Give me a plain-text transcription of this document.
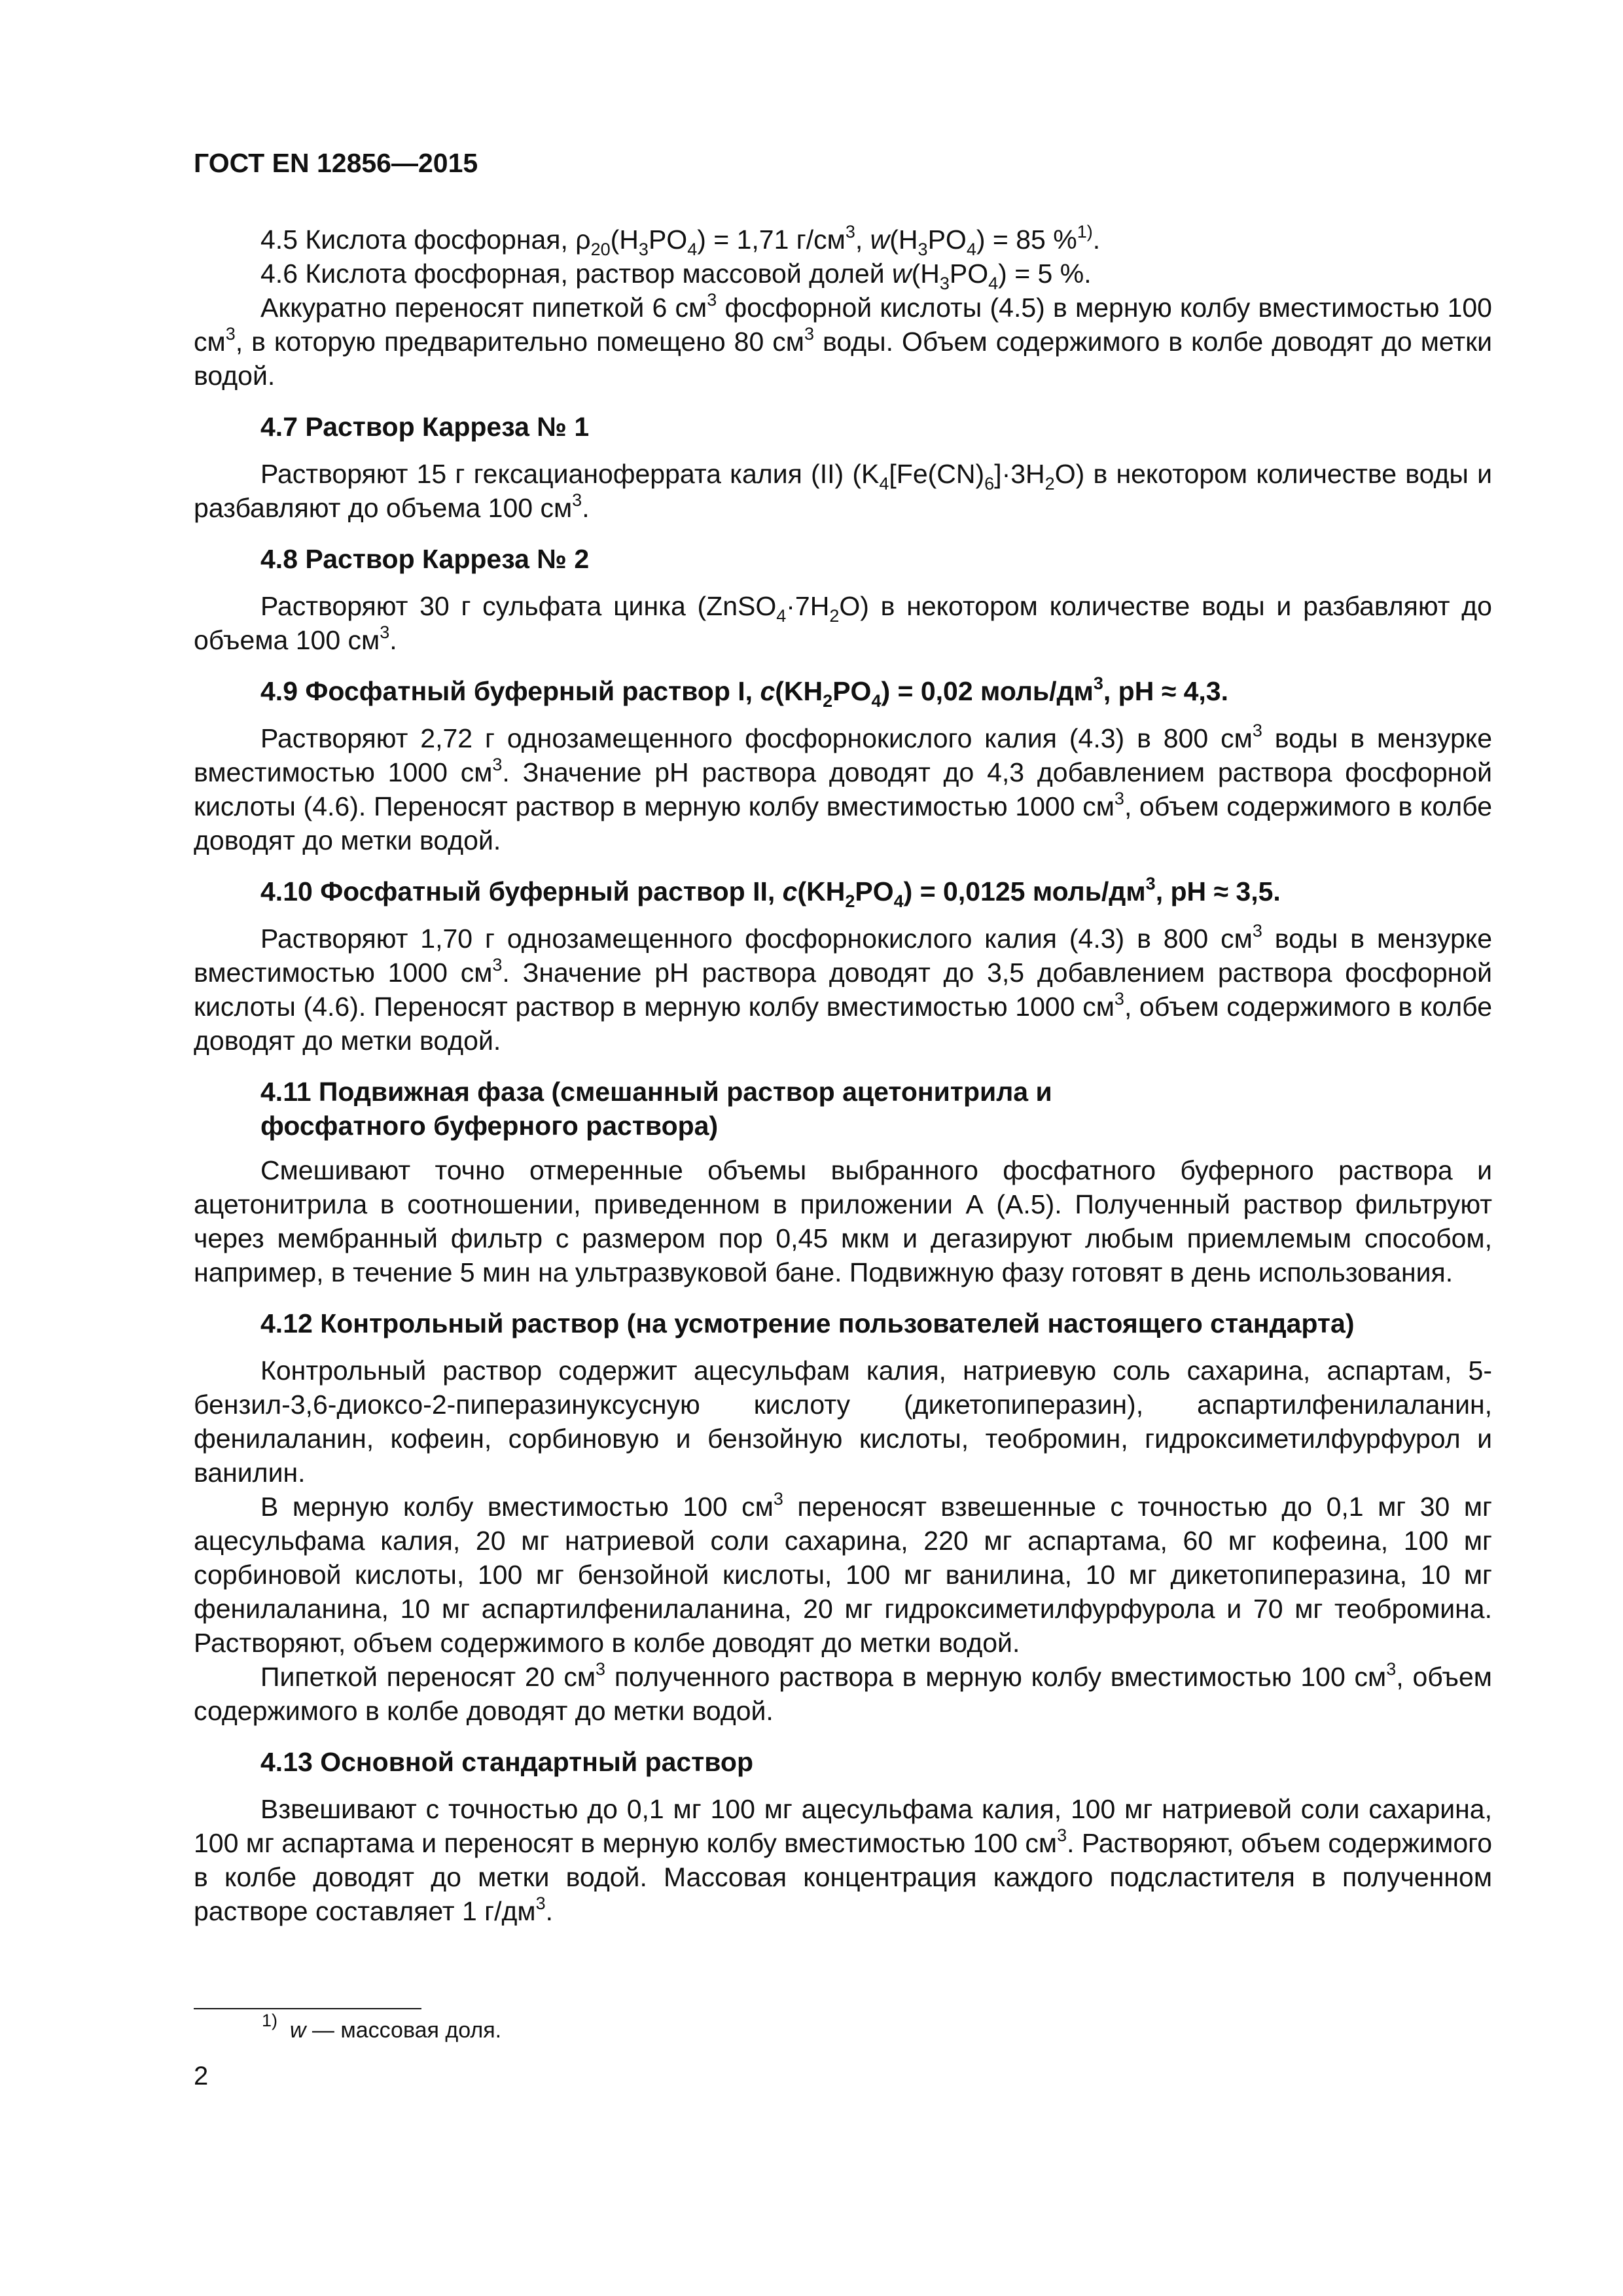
ГОСТ EN 12856—2015

4.5 Кислота фосфорная, $\rho_{20}(H_3PO_4) = 1,71$ $г/см^3$, $w(H_3PO_4) = 85$ %$^{1)}$.

4.6 Кислота фосфорная, раствор массовой долей $w(H_3PO_4) = 5$ %.

Аккуратно переносят пипеткой 6 $см^3$ фосфорной кислоты (4.5) в мерную колбу вместимостью 100 $см^3$, в которую предварительно помещено 80 $см^3$ воды. Объем содержимого в колбе доводят до метки водой.

4.7 Раствор Карреза № 1

Растворяют 15 г гексацианоферрата калия (II) $(K_4[Fe(CN)_6]\cdot 3H_2O)$ в некотором количестве воды и разбавляют до объема 100 $см^3$.

4.8 Раствор Карреза № 2

Растворяют 30 г сульфата цинка $(ZnSO_4\cdot 7H_2O)$ в некотором количестве воды и разбавляют до объема 100 $см^3$.

4.9 Фосфатный буферный раствор I, $c(KH_2PO_4) = 0,02$ моль/$дм^3$, pH ≈ 4,3.

Растворяют 2,72 г однозамещенного фосфорнокислого калия (4.3) в 800 $см^3$ воды в мензурке вместимостью 1000 $см^3$. Значение pH раствора доводят до 4,3 добавлением раствора фосфорной кислоты (4.6). Переносят раствор в мерную колбу вместимостью 1000 $см^3$, объем содержимого в колбе доводят до метки водой.

4.10 Фосфатный буферный раствор II, $c(KH_2PO_4) = 0,0125$ моль/$дм^3$, pH ≈ 3,5.

Растворяют 1,70 г однозамещенного фосфорнокислого калия (4.3) в 800 $см^3$ воды в мензурке вместимостью 1000 $см^3$. Значение pH раствора доводят до 3,5 добавлением раствора фосфорной кислоты (4.6). Переносят раствор в мерную колбу вместимостью 1000 $см^3$, объем содержимого в колбе доводят до метки водой.

4.11 Подвижная фаза (смешанный раствор ацетонитрила и фосфатного буферного раствора)

Смешивают точно отмеренные объемы выбранного фосфатного буферного раствора и ацетонитрила в соотношении, приведенном в приложении А (А.5). Полученный раствор фильтруют через мембранный фильтр с размером пор 0,45 мкм и дегазируют любым приемлемым способом, например, в течение 5 мин на ультразвуковой бане. Подвижную фазу готовят в день использования.

4.12 Контрольный раствор (на усмотрение пользователей настоящего стандарта)

Контрольный раствор содержит ацесульфам калия, натриевую соль сахарина, аспартам, 5-бензил-3,6-диоксо-2-пиперазинуксусную кислоту (дикетопиперазин), аспартилфенилаланин, фенилаланин, кофеин, сорбиновую и бензойную кислоты, теобромин, гидроксиметилфурфурол и ванилин.

В мерную колбу вместимостью 100 $см^3$ переносят взвешенные с точностью до 0,1 мг 30 мг ацесульфама калия, 20 мг натриевой соли сахарина, 220 мг аспартама, 60 мг кофеина, 100 мг сорбиновой кислоты, 100 мг бензойной кислоты, 100 мг ванилина, 10 мг дикетопиперазина, 10 мг фенилаланина, 10 мг аспартилфенилаланина, 20 мг гидроксиметилфурфурола и 70 мг теобромина. Растворяют, объем содержимого в колбе доводят до метки водой.

Пипеткой переносят 20 $см^3$ полученного раствора в мерную колбу вместимостью 100 $см^3$, объем содержимого в колбе доводят до метки водой.

4.13 Основной стандартный раствор

Взвешивают с точностью до 0,1 мг 100 мг ацесульфама калия, 100 мг натриевой соли сахарина, 100 мг аспартама и переносят в мерную колбу вместимостью 100 $см^3$. Растворяют, объем содержимого в колбе доводят до метки водой. Массовая концентрация каждого подсластителя в полученном растворе составляет 1 $г/дм^3$.

$^{1)}$ w — массовая доля.
2
